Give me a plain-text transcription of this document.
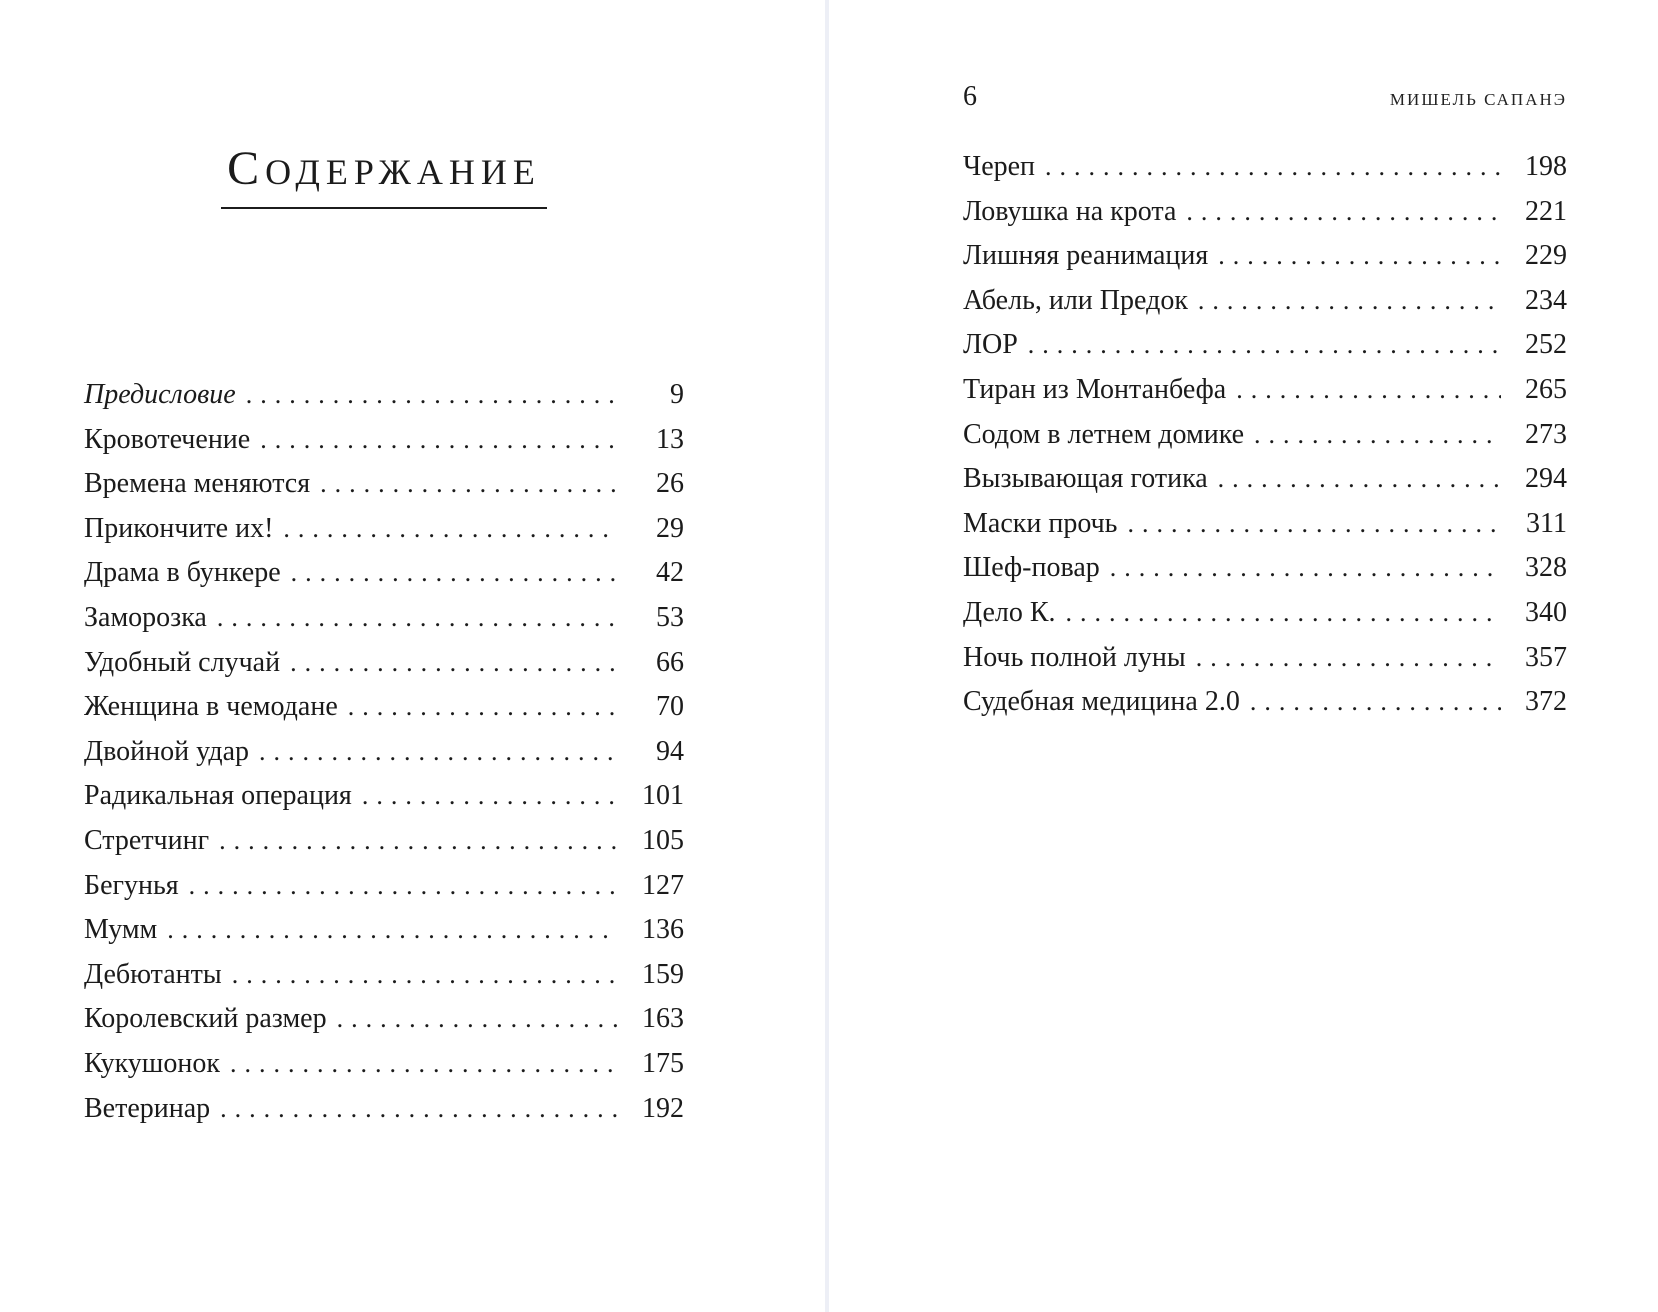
СОДЕРЖАНИЕ
Предисловие .....	9
Кровотечение .....	13
Времена меняются .....	26
Прикончите их! .....	29
Драма в бункере .....	42
Заморозка .....	53
Удобный случай .....	66
Женщина в чемодане .....	70
Двойной удар .....	94
Радикальная операция .....	101
Стретчинг .....	105
Бегунья .....	127
Мумм .....	136
Дебютанты .....	159
Королевский размер .....	163
Кукушонок .....	175
Ветеринар .....	192
6	МИШЕЛЬ САПАНЭ
Череп .....	198
Ловушка на крота .....	221
Лишняя реанимация .....	229
Абель, или Предок .....	234
ЛОР .....	252
Тиран из Монтанбефа .....	265
Содом в летнем домике .....	273
Вызывающая готика .....	294
Маски прочь .....	311
Шеф-повар .....	328
Дело К. .....	340
Ночь полной луны .....	357
Судебная медицина 2.0 .....	372
